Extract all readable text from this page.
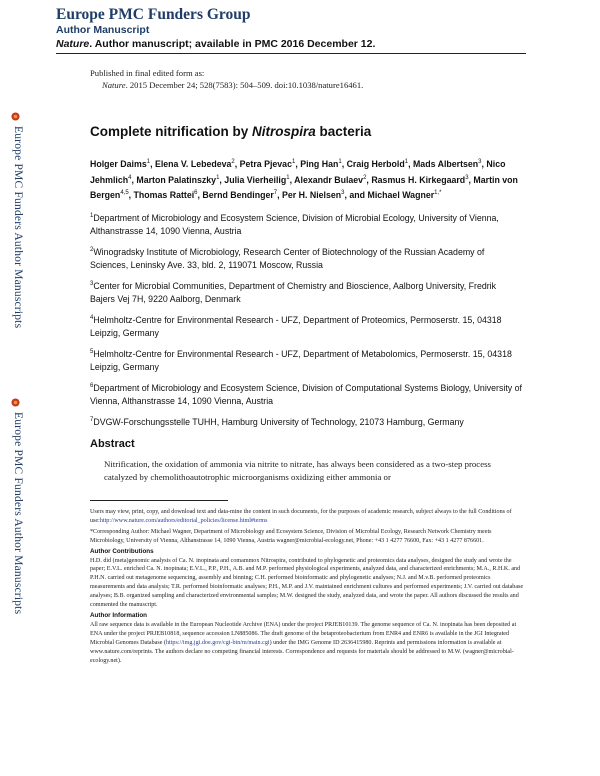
Europe PMC Funders Group
Author Manuscript
Nature. Author manuscript; available in PMC 2016 December 12.
Published in final edited form as:
Nature. 2015 December 24; 528(7583): 504–509. doi:10.1038/nature16461.
Europe PMC Funders Author Manuscripts
Europe PMC Funders Author Manuscripts
Complete nitrification by Nitrospira bacteria
Holger Daims$^1$, Elena V. Lebedeva$^2$, Petra Pjevac$^1$, Ping Han$^1$, Craig Herbold$^1$, Mads Albertsen$^3$, Nico Jehmlich$^4$, Marton Palatinszky$^1$, Julia Vierheilig$^1$, Alexandr Bulaev$^2$, Rasmus H. Kirkegaard$^3$, Martin von Bergen$^{4,5}$, Thomas Rattei$^6$, Bernd Bendinger$^7$, Per H. Nielsen$^3$, and Michael Wagner$^{1,*}$
$^1$Department of Microbiology and Ecosystem Science, Division of Microbial Ecology, University of Vienna, Althanstrasse 14, 1090 Vienna, Austria
$^2$Winogradsky Institute of Microbiology, Research Center of Biotechnology of the Russian Academy of Sciences, Leninsky Ave. 33, bld. 2, 119071 Moscow, Russia
$^3$Center for Microbial Communities, Department of Chemistry and Bioscience, Aalborg University, Fredrik Bajers Vej 7H, 9220 Aalborg, Denmark
$^4$Helmholtz-Centre for Environmental Research - UFZ, Department of Proteomics, Permoserstr. 15, 04318 Leipzig, Germany
$^5$Helmholtz-Centre for Environmental Research - UFZ, Department of Metabolomics, Permoserstr. 15, 04318 Leipzig, Germany
$^6$Department of Microbiology and Ecosystem Science, Division of Computational Systems Biology, University of Vienna, Althanstrasse 14, 1090 Vienna, Austria
$^7$DVGW-Forschungsstelle TUHH, Hamburg University of Technology, 21073 Hamburg, Germany
Abstract
Nitrification, the oxidation of ammonia via nitrite to nitrate, has always been considered as a two-step process catalyzed by chemolithoautotrophic microorganisms oxidizing either ammonia or

Users may view, print, copy, and download text and data-mine the content in such documents, for the purposes of academic research, subject always to the full Conditions of use:http://www.nature.com/authors/editorial_policies/license.html#terms

*Corresponding Author: Michael Wagner, Department of Microbiology and Ecosystem Science, Division of Microbial Ecology, Research Network Chemistry meets Microbiology, University of Vienna, Althanstrasse 14, 1090 Vienna, Austria wagner@microbial-ecology.net, Phone: +43 1 4277 76600, Fax: +43 1 4277 876601.

Author Contributions

H.D. did (meta)genomic analysis of Ca. N. inopinata and comammox Nitrospira, contributed to phylogenetic and proteomics data analyses, designed the study and wrote the paper; E.V.L. enriched Ca. N. inopinata; E.V.L., P.P., P.H., A.B. and M.P. performed physiological experiments, analyzed data, and characterized enrichments; M.A., R.H.K. and P.H.N. carried out metagenome sequencing, assembly and binning; C.H. performed bioinformatic and phylogenetic analyses; N.J. and M.v.B. performed proteomics measurements and data analysis; T.R. performed bioinformatic analyses; P.H., M.P. and J.V. maintained enrichment cultures and performed experiments; J.V. carried out database analyses; B.B. organized sampling and characterized environmental samples; M.W. designed the study, analyzed data, and wrote the paper. All authors discussed the results and commented the manuscript.

Author Information

All raw sequence data is available in the European Nucleotide Archive (ENA) under the project PRJEB10139. The genome sequence of Ca. N. inopinata has been deposited at ENA under the project PRJEB10818, sequence accession LN885086. The draft genome of the betaproteobacterium from ENR4 and ENR6 is available in the JGI Integrated Microbial Genomes Database (https://img.jgi.doe.gov/cgi-bin/m/main.cgi) under the IMG Genome ID 2636415980. Reprints and permissions information is available at www.nature.com/reprints. The authors declare no competing financial interests. Correspondence and requests for materials should be addressed to M.W. (wagner@microbial-ecology.net).
